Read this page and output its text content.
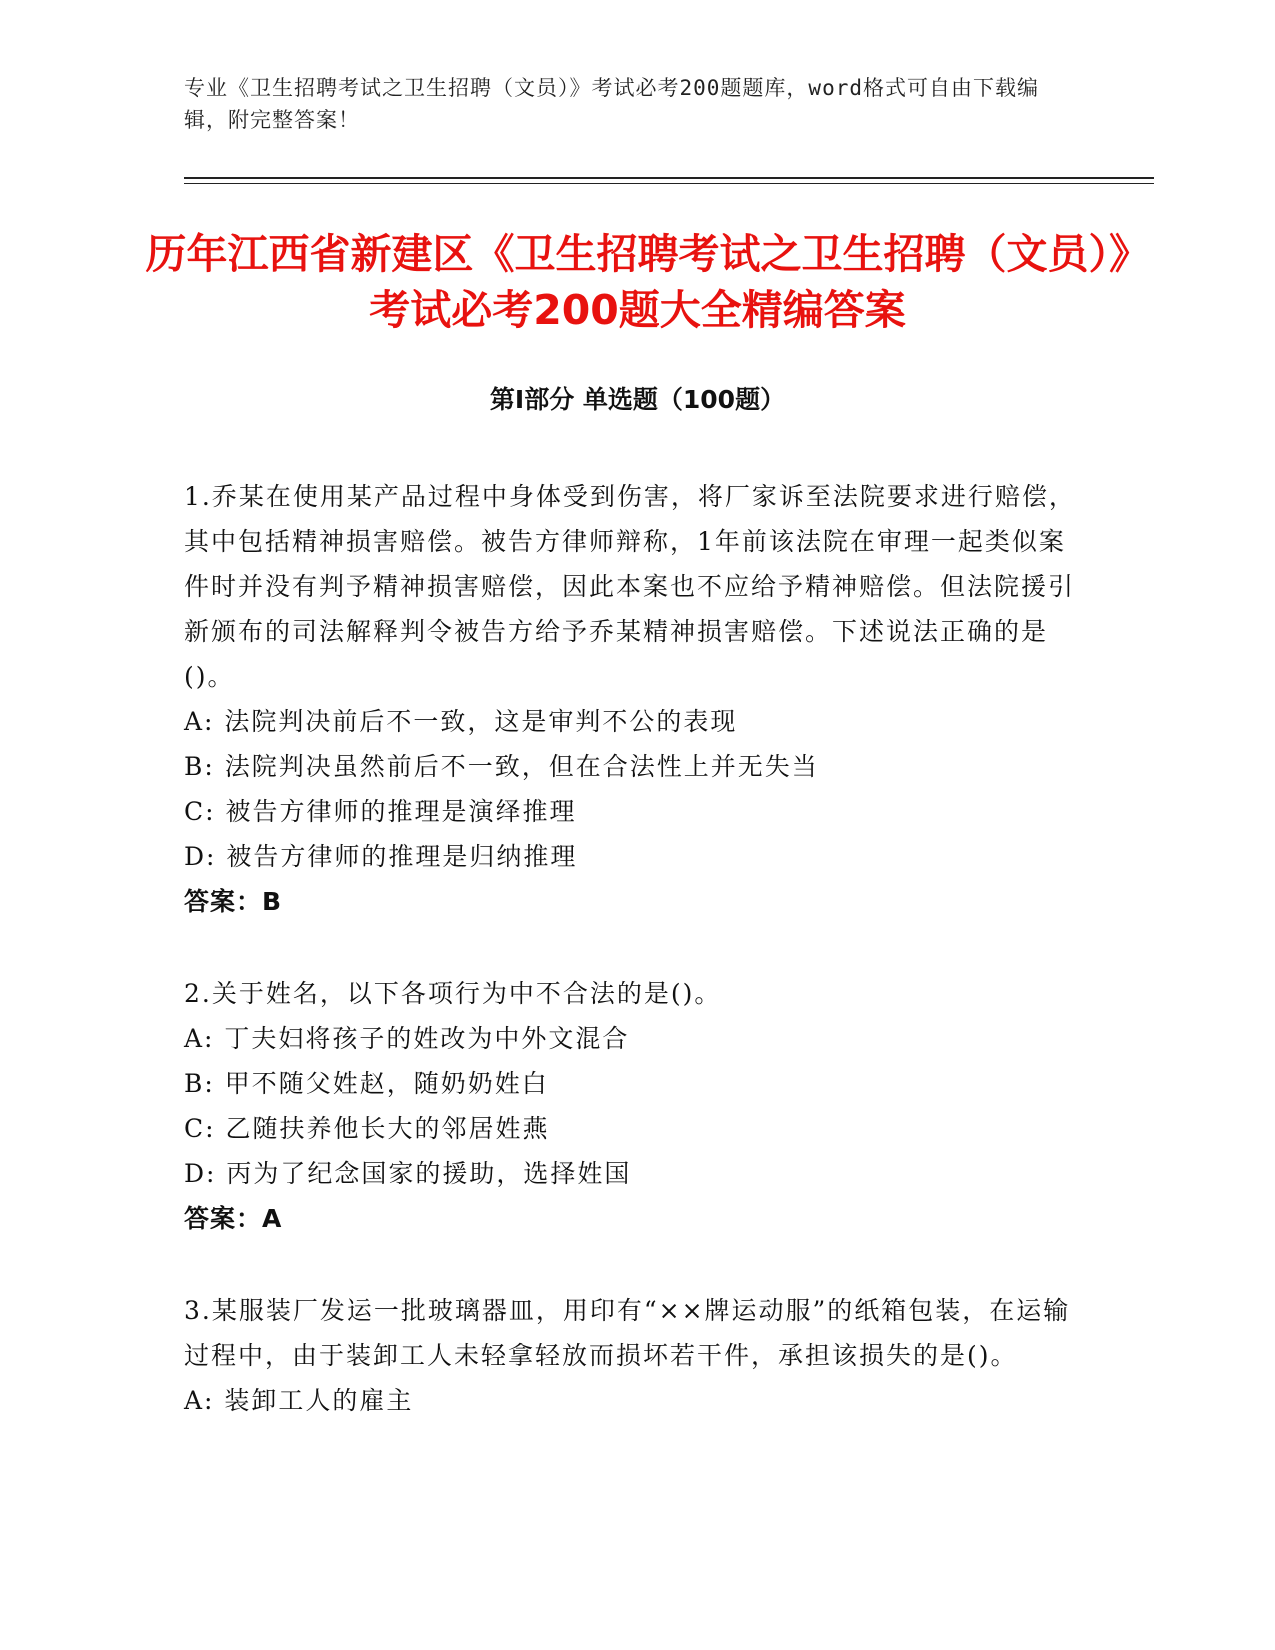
专业《卫生招聘考试之卫生招聘（文员）》考试必考200题题库，word格式可自由下载编辑，附完整答案！
历年江西省新建区《卫生招聘考试之卫生招聘（文员）》考试必考200题大全精编答案
第Ⅰ部分 单选题（100题）

1.乔某在使用某产品过程中身体受到伤害，将厂家诉至法院要求进行赔偿，其中包括精神损害赔偿。被告方律师辩称，1年前该法院在审理一起类似案件时并没有判予精神损害赔偿，因此本案也不应给予精神赔偿。但法院援引新颁布的司法解释判令被告方给予乔某精神损害赔偿。下述说法正确的是()。

A: 法院判决前后不一致，这是审判不公的表现

B: 法院判决虽然前后不一致，但在合法性上并无失当

C: 被告方律师的推理是演绎推理

D: 被告方律师的推理是归纳推理

答案：B

2.关于姓名，以下各项行为中不合法的是()。

A: 丁夫妇将孩子的姓改为中外文混合

B: 甲不随父姓赵，随奶奶姓白

C: 乙随扶养他长大的邻居姓燕

D: 丙为了纪念国家的援助，选择姓国

答案：A

3.某服装厂发运一批玻璃器皿，用印有“××牌运动服”的纸箱包装，在运输过程中，由于装卸工人未轻拿轻放而损坏若干件，承担该损失的是()。

A: 装卸工人的雇主
